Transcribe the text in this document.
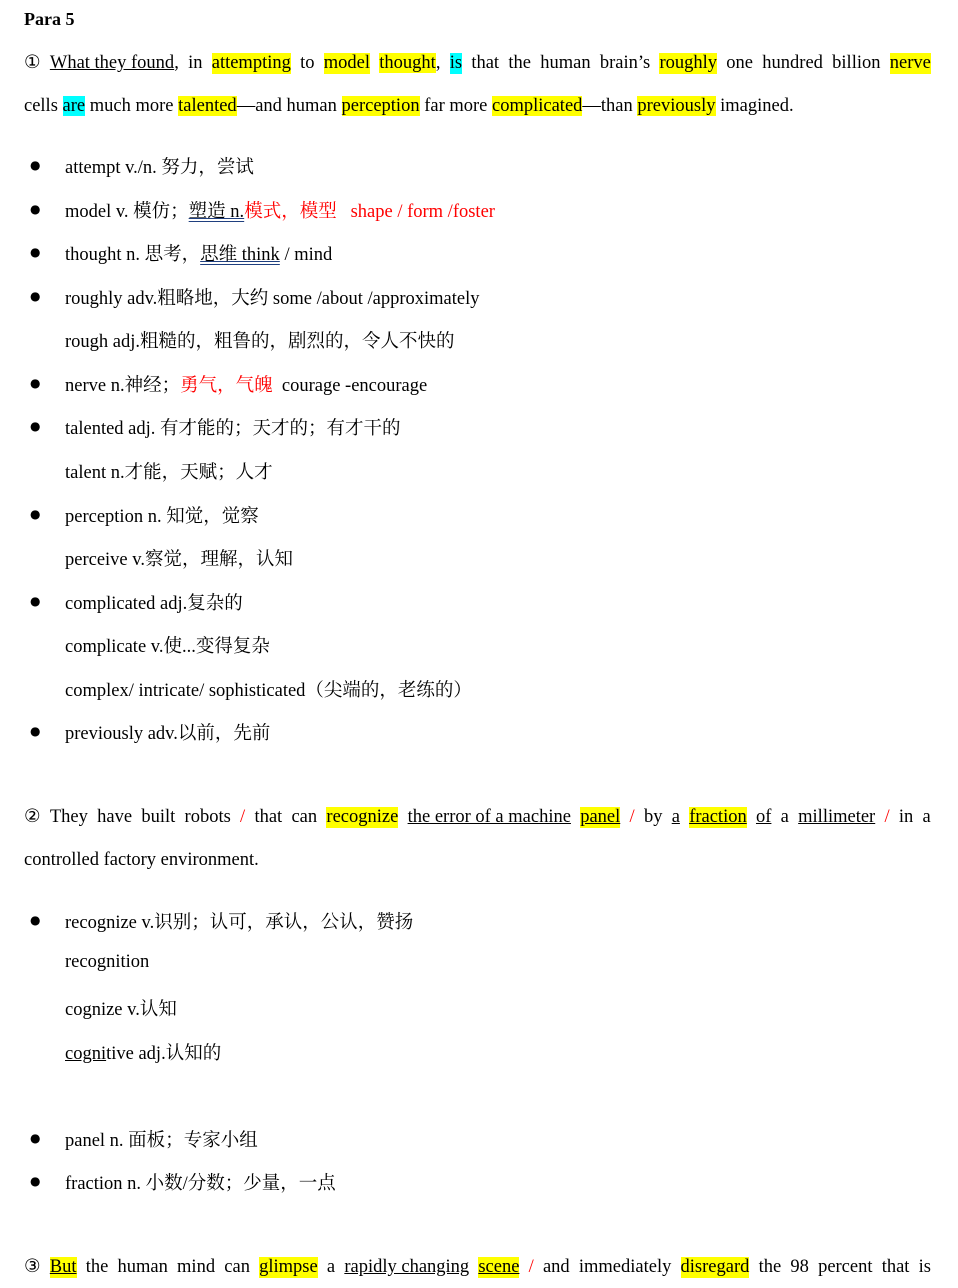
Para 5
① What they found, in attempting to model thought, is that the human brain’s roughly one hundred billion nerve
cells are much more talented—and human perception far more complicated—than previously imagined.
● attempt v./n. 努力，尝试
● model v. 模仿；塑造 n.模式，模型 shape / form /foster
● thought n. 思考，思维 think / mind
● roughly adv.粗略地，大约 some /about /approximately
rough adj.粗糙的，粗鲁的，剧烈的，令人不快的
● nerve n.神经；勇气，气魄 courage -encourage
● talented adj. 有才能的；天才的；有才干的
talent n.才能，天赋；人才
● perception n. 知觉，觉察
perceive v.察觉，理解，认知
● complicated adj.复杂的
complicate v.使...变得复杂
complex/ intricate/ sophisticated（尖端的，老练的）
● previously adv.以前，先前
② They have built robots / that can recognize the error of a machine panel / by a fraction of a millimeter / in a
controlled factory environment.
● recognize v.识别；认可，承认，公认，赞扬
recognition
cognize v.认知
cognitive adj.认知的
● panel n. 面板；专家小组
● fraction n. 小数/分数；少量，一点
③ But the human mind can glimpse a rapidly changing scene / and immediately disregard the 98 percent that is
